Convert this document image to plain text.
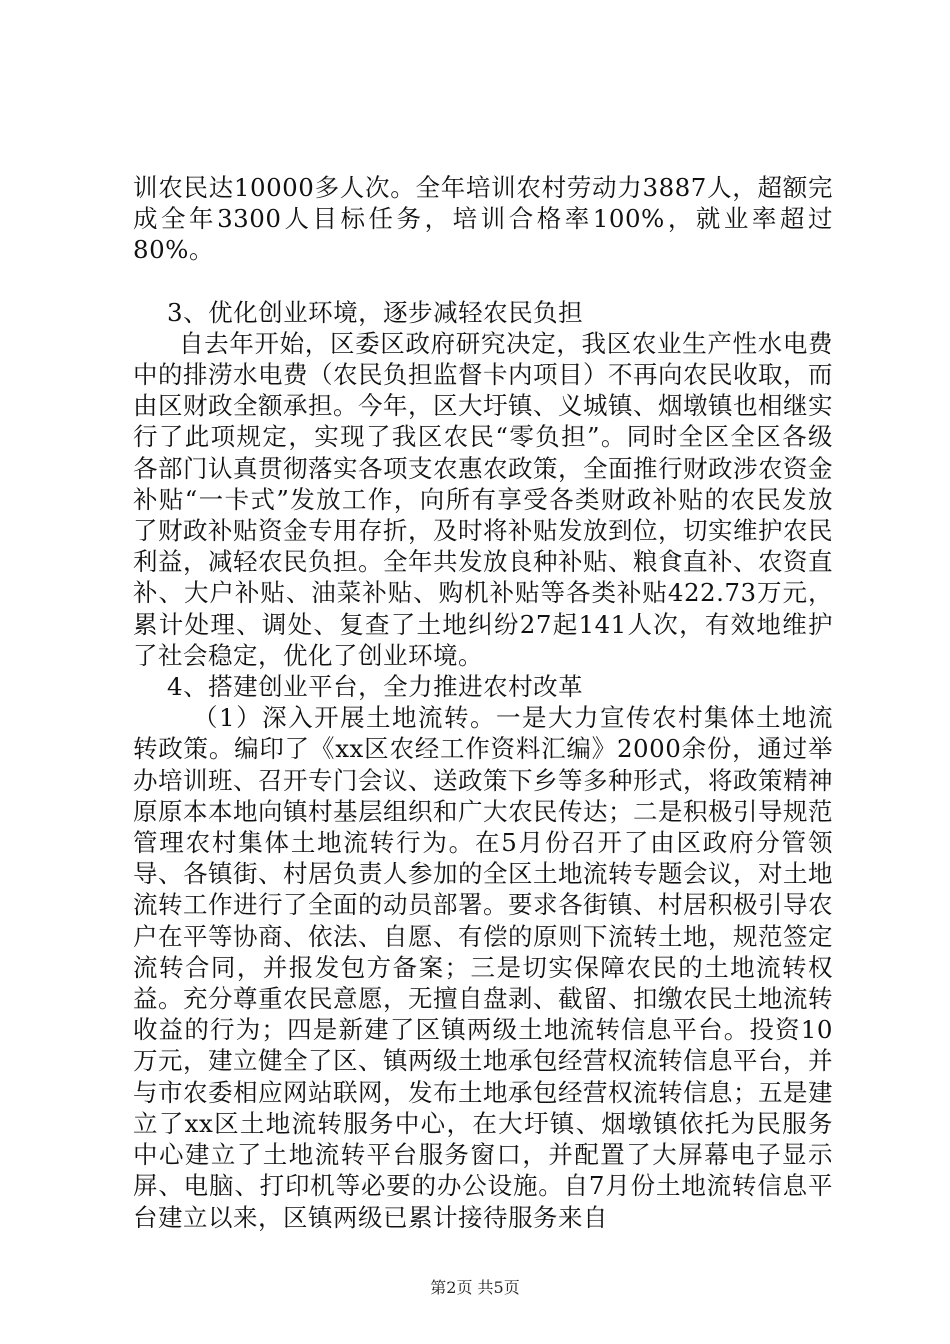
训农民达10000多人次。全年培训农村劳动力3887人，超额完成全年3300人目标任务，培训合格率100%，就业率超过80%。

3、优化创业环境，逐步减轻农民负担

自去年开始，区委区政府研究决定，我区农业生产性水电费中的排涝水电费（农民负担监督卡内项目）不再向农民收取，而由区财政全额承担。今年，区大圩镇、义城镇、烟墩镇也相继实行了此项规定，实现了我区农民“零负担”。同时全区全区各级各部门认真贯彻落实各项支农惠农政策，全面推行财政涉农资金补贴“一卡式”发放工作，向所有享受各类财政补贴的农民发放了财政补贴资金专用存折，及时将补贴发放到位，切实维护农民利益，减轻农民负担。全年共发放良种补贴、粮食直补、农资直补、大户补贴、油菜补贴、购机补贴等各类补贴422.73万元，累计处理、调处、复查了土地纠纷27起141人次，有效地维护了社会稳定，优化了创业环境。

4、搭建创业平台，全力推进农村改革

（1）深入开展土地流转。一是大力宣传农村集体土地流转政策。编印了《xx区农经工作资料汇编》2000余份，通过举办培训班、召开专门会议、送政策下乡等多种形式，将政策精神原原本本地向镇村基层组织和广大农民传达；二是积极引导规范管理农村集体土地流转行为。在5月份召开了由区政府分管领导、各镇街、村居负责人参加的全区土地流转专题会议，对土地流转工作进行了全面的动员部署。要求各街镇、村居积极引导农户在平等协商、依法、自愿、有偿的原则下流转土地，规范签定流转合同，并报发包方备案；三是切实保障农民的土地流转权益。充分尊重农民意愿，无擅自盘剥、截留、扣缴农民土地流转收益的行为；四是新建了区镇两级土地流转信息平台。投资10万元，建立健全了区、镇两级土地承包经营权流转信息平台，并与市农委相应网站联网，发布土地承包经营权流转信息；五是建立了xx区土地流转服务中心，在大圩镇、烟墩镇依托为民服务中心建立了土地流转平台服务窗口，并配置了大屏幕电子显示屏、电脑、打印机等必要的办公设施。自7月份土地流转信息平台建立以来，区镇两级已累计接待服务来自

第2页 共5页
